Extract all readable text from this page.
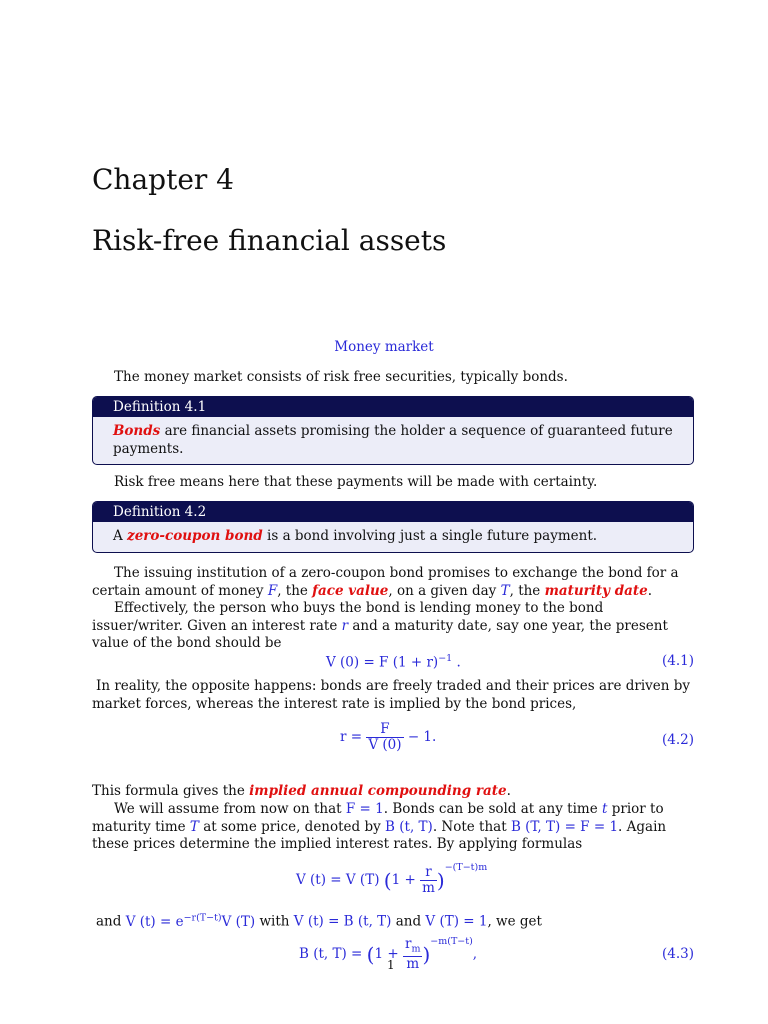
Chapter 4
Risk-free financial assets
Money market
The money market consists of risk free securities, typically bonds.
Definition 4.1
Bonds are financial assets promising the holder a sequence of guaranteed future payments.
Risk free means here that these payments will be made with certainty.
Definition 4.2
A zero-coupon bond is a bond involving just a single future payment.
The issuing institution of a zero-coupon bond promises to exchange the bond for a certain amount of money F, the face value, on a given day T, the maturity date.
Effectively, the person who buys the bond is lending money to the bond issuer/writer. Given an interest rate r and a maturity date, say one year, the present value of the bond should be
V (0) = F $(1 + r)^{-1}$ .	(4.1)
In reality, the opposite happens: bonds are freely traded and their prices are driven by market forces, whereas the interest rate is implied by the bond prices,
$r = \frac{F}{V (0)} - 1$.	(4.2)
This formula gives the implied annual compounding rate.
We will assume from now on that F = 1. Bonds can be sold at any time t prior to maturity time T at some price, denoted by B (t, T). Note that B (T, T) = F = 1. Again these prices determine the implied interest rates. By applying formulas
V (t) = V (T) $(1 + \frac{r}{m} )^{-(T-t)m}$
and V $(t) = e^{-r(T-t)}V$ (T) with V (t) = B (t, T) and V (T) = 1, we get
B (t, $T) = (1 + \frac{r_m}{m} )^{-m(T-t)}$,	(4.3)
1
